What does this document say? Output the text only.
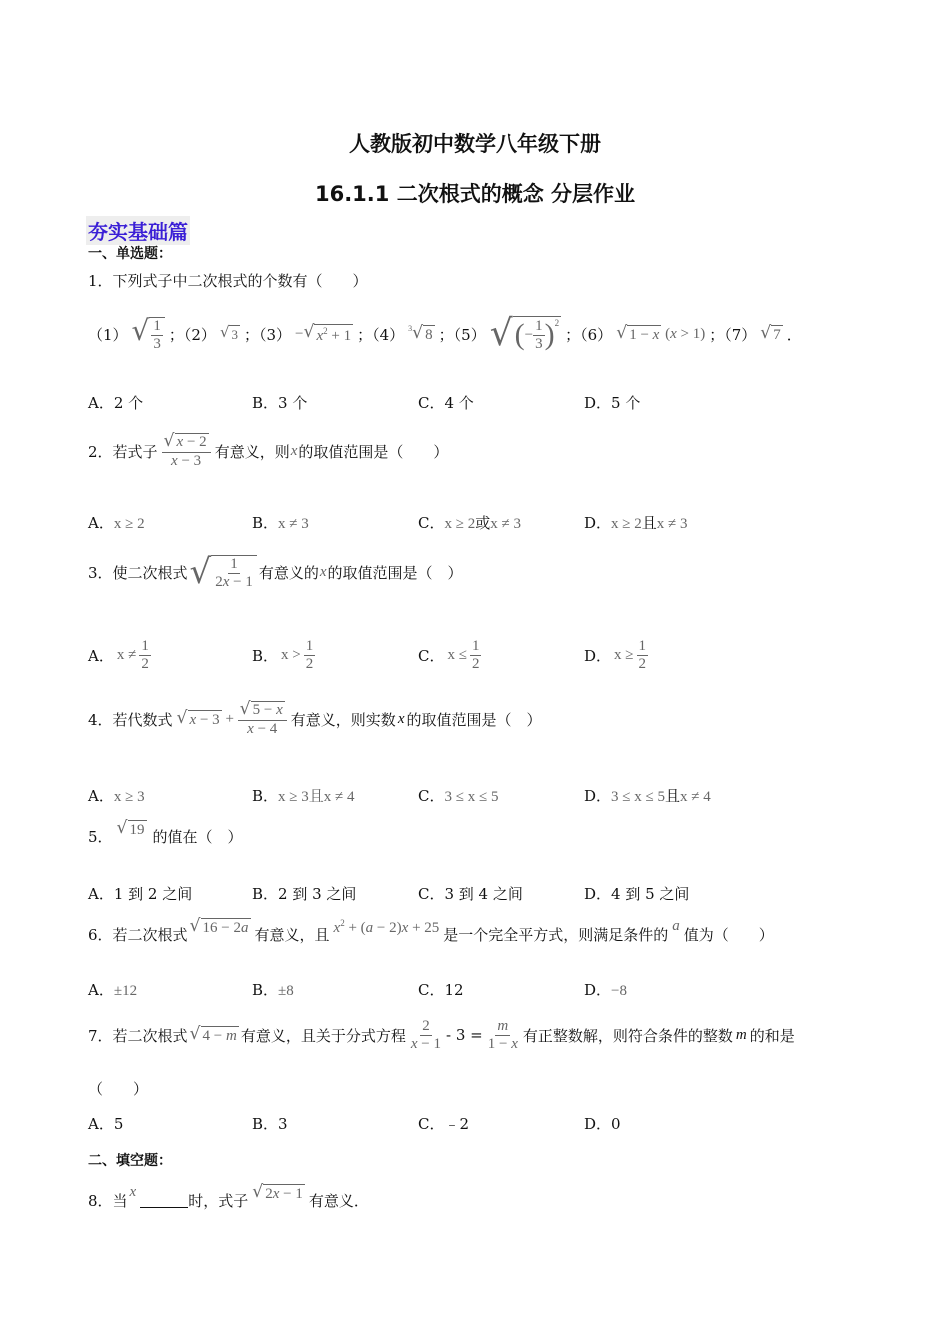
人教版初中数学八年级下册
16.1.1 二次根式的概念 分层作业
夯实基础篇
一、单选题：
1．下列式子中二次根式的个数有（　　）
（1） √ $\frac{1}{3}$ ；（2） √ 3 ；（3） − √ $x^2 + 1$ ；（4） $^3$ √ 8 ；（5） √ ( − $\frac{1}{3} )^2$
；（6） √ 1 − x (x > 1) ；（7） √ 7 ．
A．2 个	B．3 个	C．4 个	D．5 个
2．若式子 $\frac{√ x - 2}{x - 3}$ 有意义，则 x 的取值范围是（　　）
A．x ≥ 2	B．x ≠ 3	C．x ≥ 2或x ≠ 3	D．x ≥ 2且x ≠ 3
3．使二次根式 √ $\frac{1}{2x - 1}$ 有意义的 x 的取值范围是（　）
A． $x \ne \frac{1}{2}$	B． $x > \frac{1}{2}$	C． $x \le \frac{1}{2}$	D． $x \ge \frac{1}{2}$
4．若代数式 √ $x - 3 + \frac{√ 5 - x}{x - 4}$ 有意义，则实数 x 的取值范围是（　）
A．x ≥ 3	B．x ≥ 3且x ≠ 4	C．3 ≤ x ≤ 5	D．3 ≤ x ≤ 5且x ≠ 4
5． √ 19 的值在（　）
A．1 到 2 之间	B．2 到 3 之间	C．3 到 4 之间	D．4 到 5 之间
6．若二次根式 √ 16 − 2a 有意义，且 $x^2 + (a - 2)x + 25$ 是一个完全平方式，则满足条件的 a 值为（　　）
A．±12	B．±8	C．12	D．−8
7．若二次根式 √ 4 − m 有意义，且关于分式方程 $\frac{2}{x - 1} - 3 = \frac{m}{1 - x}$ 有正整数解，则符合条件的整数 m 的和是
（　　）
A．5	B．3	C．﹣2	D．0
二、填空题：
8．当 x	时，式子 √ 2x − 1 有意义．
